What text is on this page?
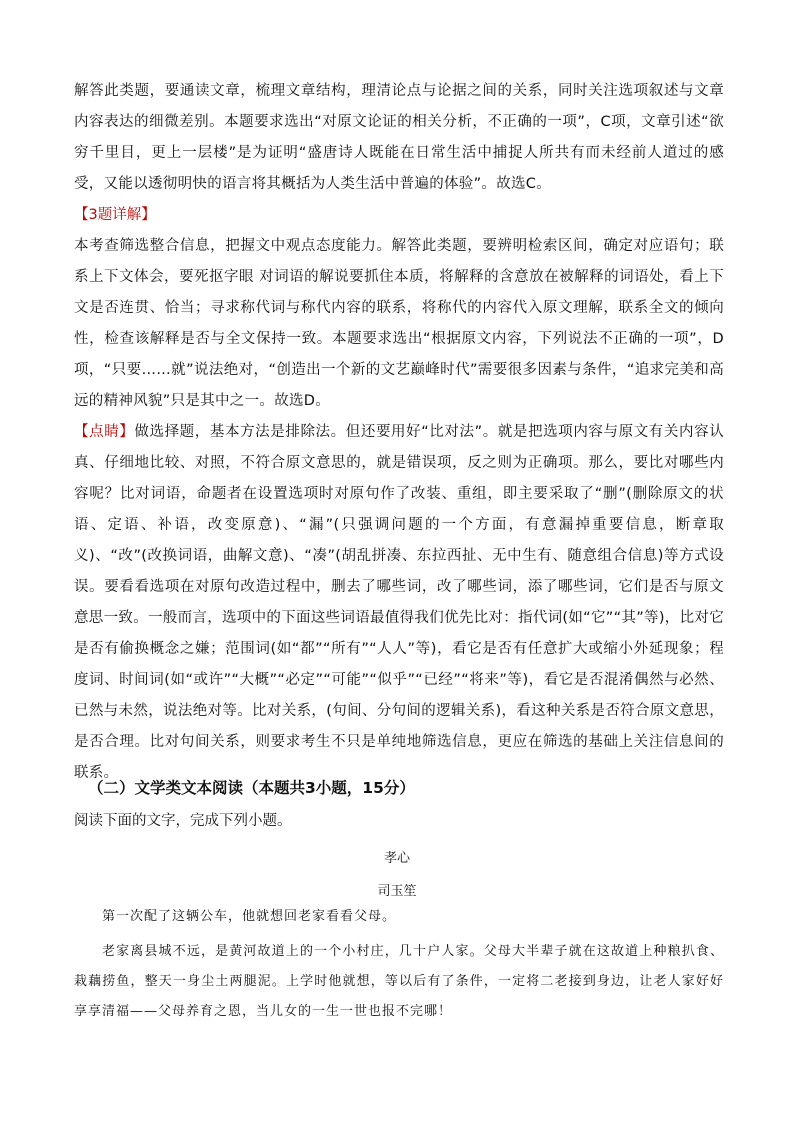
解答此类题，要通读文章，梳理文章结构，理清论点与论据之间的关系，同时关注选项叙述与文章内容表达的细微差别。本题要求选出“对原文论证的相关分析，不正确的一项”，C项，文章引述“欲穷千里目，更上一层楼”是为证明“盛唐诗人既能在日常生活中捕捉人所共有而未经前人道过的感受，又能以透彻明快的语言将其概括为人类生活中普遍的体验”。故选C。

【3题详解】

本考查筛选整合信息，把握文中观点态度能力。解答此类题，要辨明检索区间，确定对应语句；联系上下文体会，要死抠字眼 对词语的解说要抓住本质，将解释的含意放在被解释的词语处，看上下文是否连贯、恰当；寻求称代词与称代内容的联系，将称代的内容代入原文理解，联系全文的倾向性，检查该解释是否与全文保持一致。本题要求选出“根据原文内容，下列说法不正确的一项”，D项，“只要……就”说法绝对，“创造出一个新的文艺巅峰时代”需要很多因素与条件，“追求完美和高远的精神风貌”只是其中之一。故选D。

【点睛】做选择题，基本方法是排除法。但还要用好“比对法”。就是把选项内容与原文有关内容认真、仔细地比较、对照，不符合原文意思的，就是错误项，反之则为正确项。那么，要比对哪些内容呢？比对词语，命题者在设置选项时对原句作了改装、重组，即主要采取了“删”(删除原文的状语、定语、补语，改变原意)、“漏”(只强调问题的一个方面，有意漏掉重要信息，断章取义)、“改”(改换词语，曲解文意)、“凑”(胡乱拼凑、东拉西扯、无中生有、随意组合信息)等方式设误。要看看选项在对原句改造过程中，删去了哪些词，改了哪些词，添了哪些词，它们是否与原文意思一致。一般而言，选项中的下面这些词语最值得我们优先比对：指代词(如“它”“其”等)，比对它是否有偷换概念之嫌；范围词(如“都”“所有”“人人”等)，看它是否有任意扩大或缩小外延现象；程度词、时间词(如“或许”“大概”“必定”“可能”“似乎”“已经”“将来”等)，看它是否混淆偶然与必然、已然与未然，说法绝对等。比对关系，(句间、分句间的逻辑关系)，看这种关系是否符合原文意思，是否合理。比对句间关系，则要求考生不只是单纯地筛选信息，更应在筛选的基础上关注信息间的联系。

（二）文学类文本阅读（本题共3小题，15分）

阅读下面的文字，完成下列小题。

孝心

司玉笙

第一次配了这辆公车，他就想回老家看看父母。

老家离县城不远，是黄河故道上的一个小村庄，几十户人家。父母大半辈子就在这故道上种粮扒食、栽藕捞鱼，整天一身尘土两腿泥。上学时他就想，等以后有了条件，一定将二老接到身边，让老人家好好享享清福——父母养育之恩，当儿女的一生一世也报不完哪！
